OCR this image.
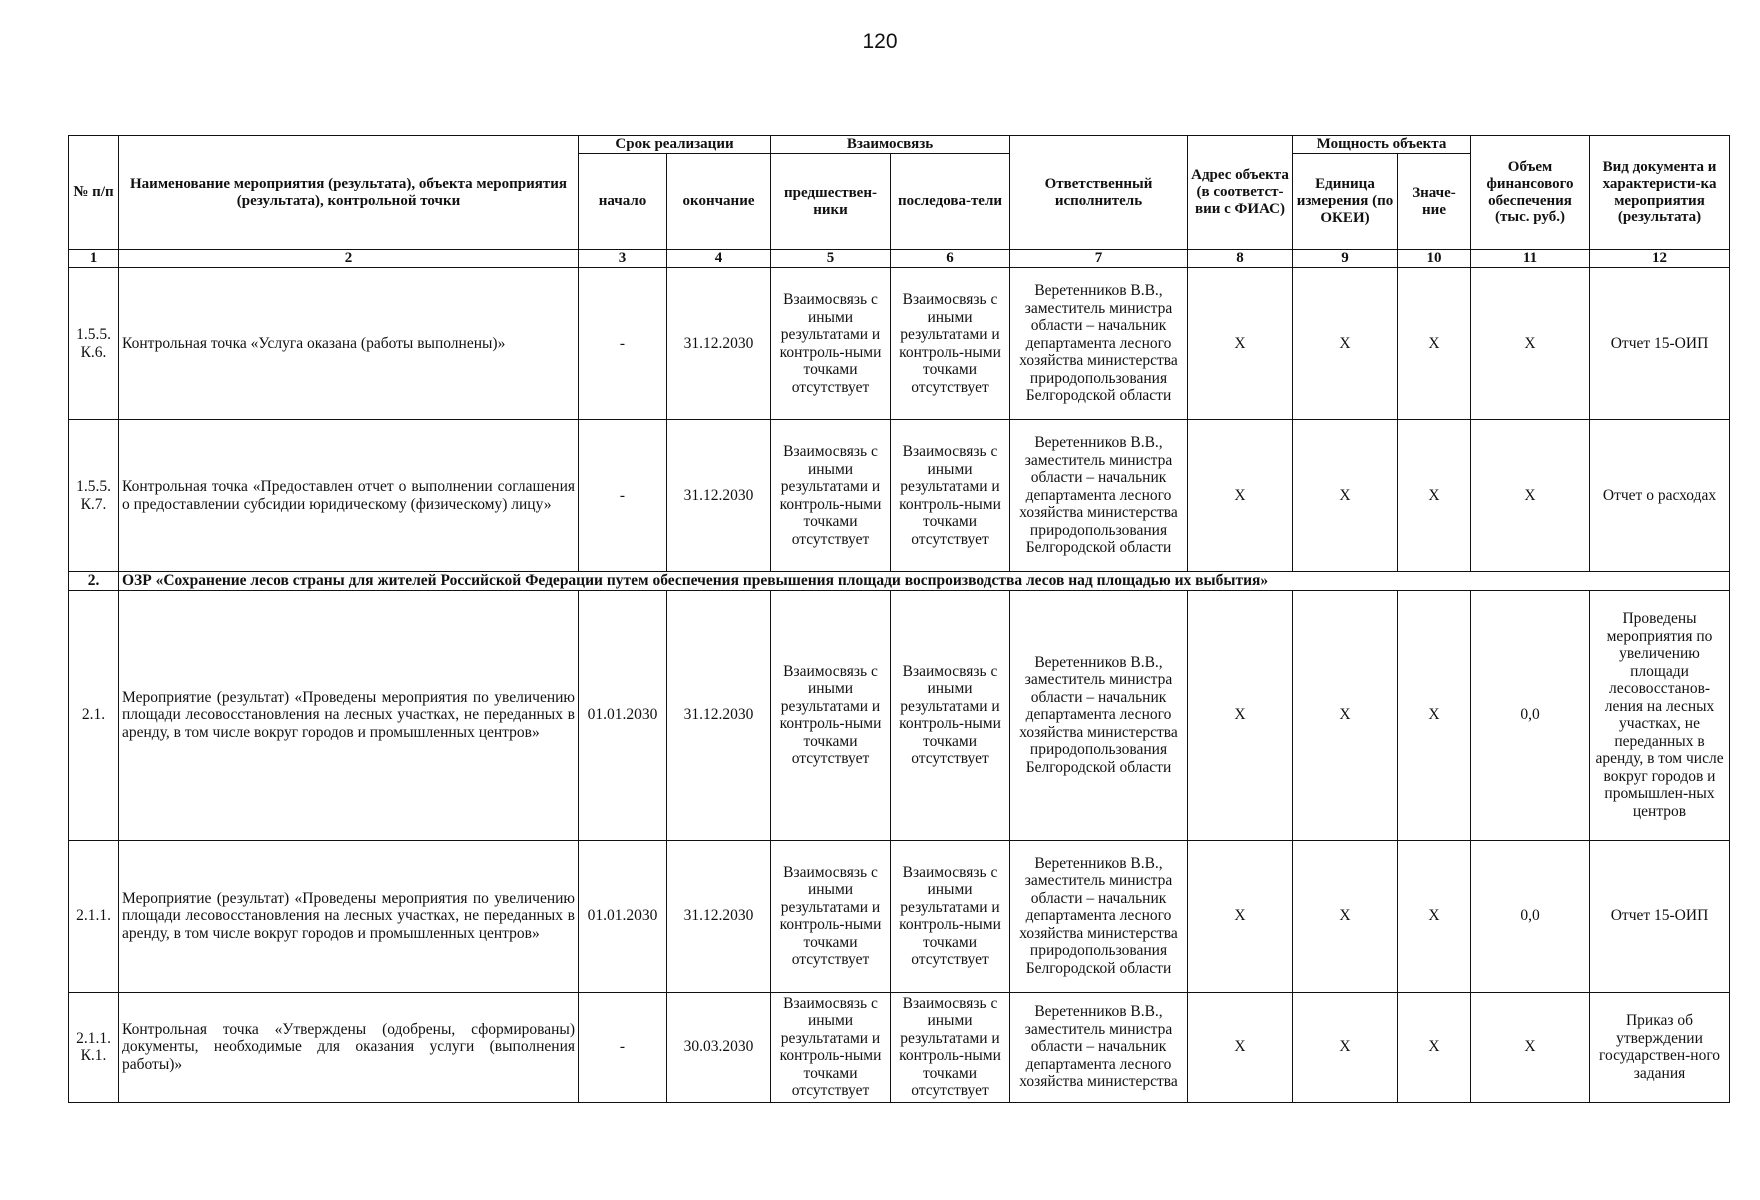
120
№ п/п	Наименование мероприятия (результата), объекта мероприятия (результата), контрольной точки	Срок реализации		Взаимосвязь		Ответственный исполнитель	Адрес объекта (в соответст-вии с ФИАС)	Мощность объекта		Объем финансового обеспечения (тыс. руб.)	Вид документа и характеристи-ка мероприятия (результата)
		начало	окончание	предшествен-ники	последова-тели			Единица измерения (по ОКЕИ)	Значе-ние		
1	2	3	4	5	6	7	8	9	10	11	12
1.5.5. К.6.	Контрольная точка «Услуга оказана (работы выполнены)»	-	31.12.2030	Взаимосвязь с иными результатами и контроль-ными точками отсутствует	Взаимосвязь с иными результатами и контроль-ными точками отсутствует	Веретенников В.В., заместитель министра области – начальник департамента лесного хозяйства министерства природопользования Белгородской области	X	X	X	X	Отчет 15-ОИП
1.5.5. К.7.	Контрольная точка «Предоставлен отчет о выполнении соглашения о предоставлении субсидии юридическому (физическому) лицу»	-	31.12.2030	Взаимосвязь с иными результатами и контроль-ными точками отсутствует	Взаимосвязь с иными результатами и контроль-ными точками отсутствует	Веретенников В.В., заместитель министра области – начальник департамента лесного хозяйства министерства природопользования Белгородской области	X	X	X	X	Отчет о расходах
2.	ОЗР «Сохранение лесов страны для жителей Российской Федерации путем обеспечения превышения площади воспроизводства лесов над площадью их выбытия»										
2.1.	Мероприятие (результат) «Проведены мероприятия по увеличению площади лесовосстановления на лесных участках, не переданных в аренду, в том числе вокруг городов и промышленных центров»	01.01.2030	31.12.2030	Взаимосвязь с иными результатами и контроль-ными точками отсутствует	Взаимосвязь с иными результатами и контроль-ными точками отсутствует	Веретенников В.В., заместитель министра области – начальник департамента лесного хозяйства министерства природопользования Белгородской области	X	X	X	0,0	Проведены мероприятия по увеличению площади лесовосстанов-ления на лесных участках, не переданных в аренду, в том числе вокруг городов и промышлен-ных центров
2.1.1.	Мероприятие (результат) «Проведены мероприятия по увеличению площади лесовосстановления на лесных участках, не переданных в аренду, в том числе вокруг городов и промышленных центров»	01.01.2030	31.12.2030	Взаимосвязь с иными результатами и контроль-ными точками отсутствует	Взаимосвязь с иными результатами и контроль-ными точками отсутствует	Веретенников В.В., заместитель министра области – начальник департамента лесного хозяйства министерства природопользования Белгородской области	X	X	X	0,0	Отчет 15-ОИП
2.1.1. К.1.	Контрольная точка «Утверждены (одобрены, сформированы) документы, необходимые для оказания услуги (выполнения работы)»	-	30.03.2030	Взаимосвязь с иными результатами и контроль-ными точками отсутствует	Взаимосвязь с иными результатами и контроль-ными точками отсутствует	Веретенников В.В., заместитель министра области – начальник департамента лесного хозяйства министерства	X	X	X	X	Приказ об утверждении государствен-ного задания
